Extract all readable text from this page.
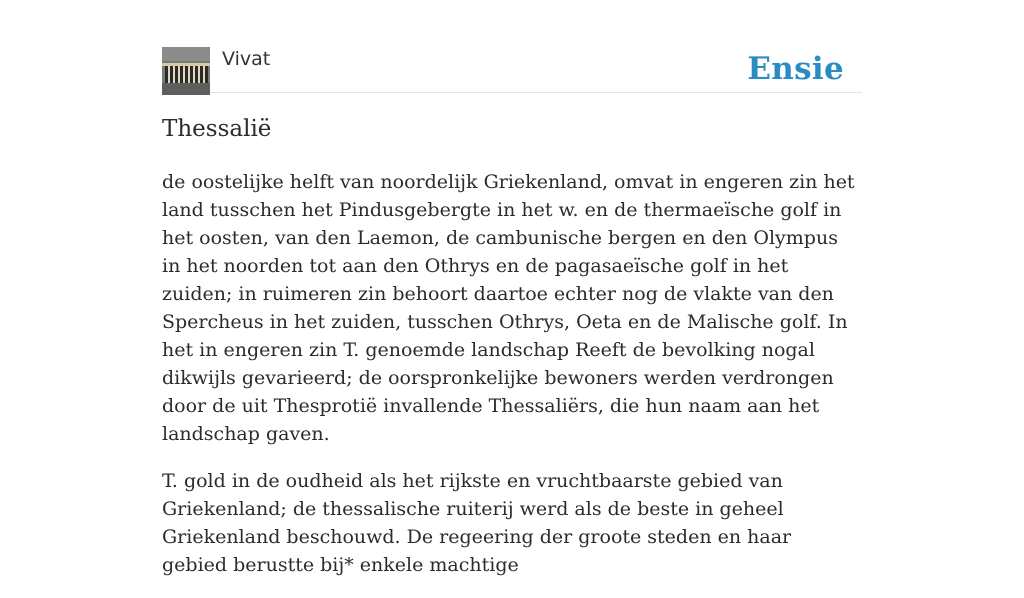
Vivat	Ensie
Thessalië

de oostelijke helft van noordelijk Griekenland, omvat in engeren zin het land tusschen het Pindusgebergte in het w. en de thermaeïsche golf in het oosten, van den Laemon, de cambunische bergen en den Olympus in het noorden tot aan den Othrys en de pagasaeïsche golf in het zuiden; in ruimeren zin behoort daartoe echter nog de vlakte van den Spercheus in het zuiden, tusschen Othrys, Oeta en de Malische golf. In het in engeren zin T. genoemde landschap Reeft de bevolking nogal dikwijls gevarieerd; de oorspronkelijke bewoners werden verdrongen door de uit Thesprotië invallende Thessaliërs, die hun naam aan het landschap gaven.

T. gold in de oudheid als het rijkste en vruchtbaarste gebied van Griekenland; de thessalische ruiterij werd als de beste in geheel Griekenland beschouwd. De regeering der groote steden en haar gebied berustte bij* enkele machtige
